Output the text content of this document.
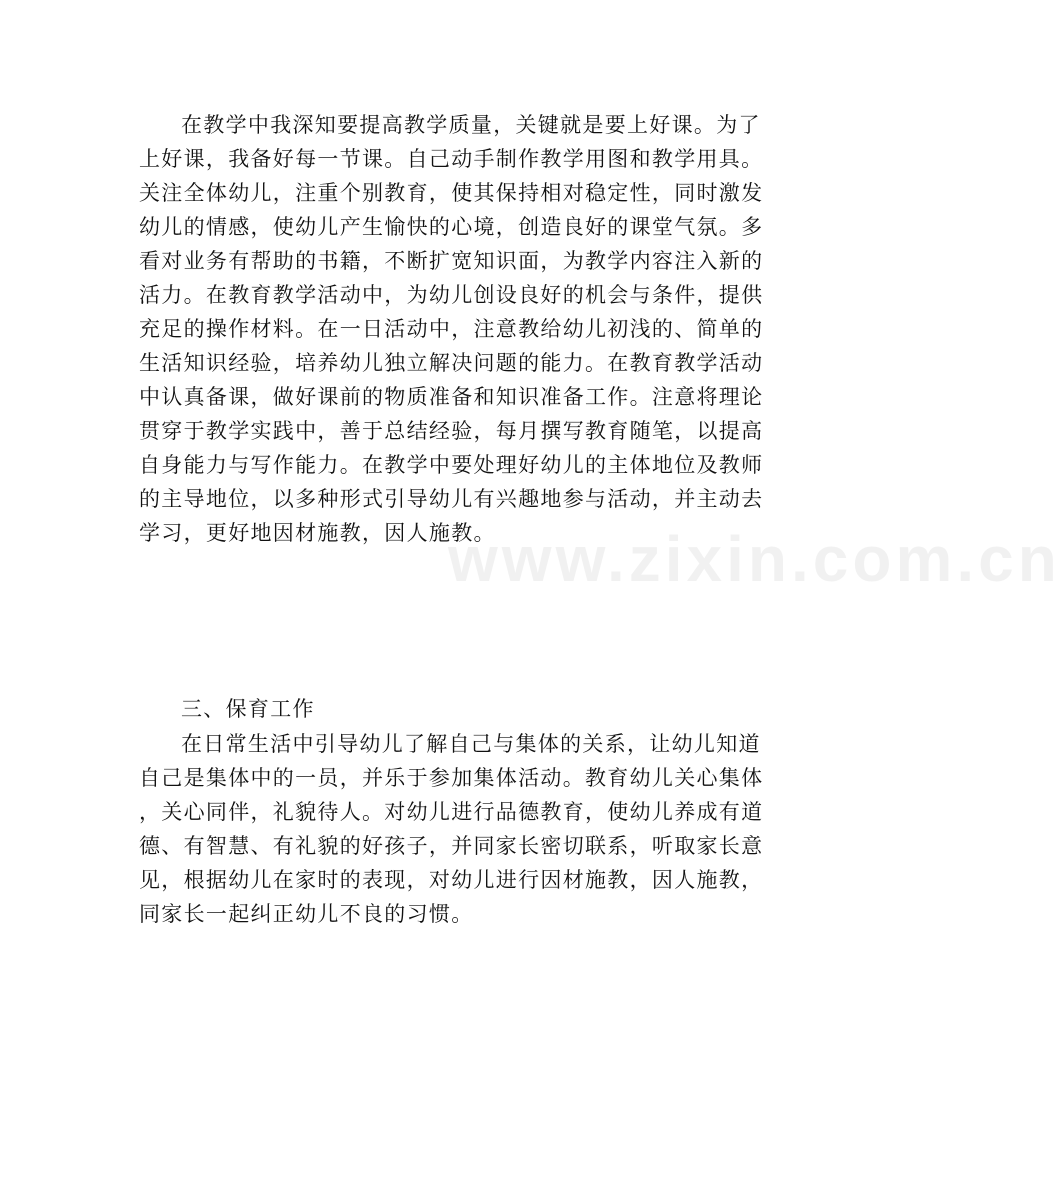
www.zixin.com.cn
在教学中我深知要提高教学质量，关键就是要上好课。为了
上好课，我备好每一节课。自己动手制作教学用图和教学用具。
关注全体幼儿，注重个别教育，使其保持相对稳定性，同时激发
幼儿的情感，使幼儿产生愉快的心境，创造良好的课堂气氛。多
看对业务有帮助的书籍，不断扩宽知识面，为教学内容注入新的
活力。在教育教学活动中，为幼儿创设良好的机会与条件，提供
充足的操作材料。在一日活动中，注意教给幼儿初浅的、简单的
生活知识经验，培养幼儿独立解决问题的能力。在教育教学活动
中认真备课，做好课前的物质准备和知识准备工作。注意将理论
贯穿于教学实践中，善于总结经验，每月撰写教育随笔，以提高
自身能力与写作能力。在教学中要处理好幼儿的主体地位及教师
的主导地位，以多种形式引导幼儿有兴趣地参与活动，并主动去
学习，更好地因材施教，因人施教。
三、保育工作
在日常生活中引导幼儿了解自己与集体的关系，让幼儿知道
自己是集体中的一员，并乐于参加集体活动。教育幼儿关心集体
，关心同伴，礼貌待人。对幼儿进行品德教育，使幼儿养成有道
德、有智慧、有礼貌的好孩子，并同家长密切联系，听取家长意
见，根据幼儿在家时的表现，对幼儿进行因材施教，因人施教，
同家长一起纠正幼儿不良的习惯。
